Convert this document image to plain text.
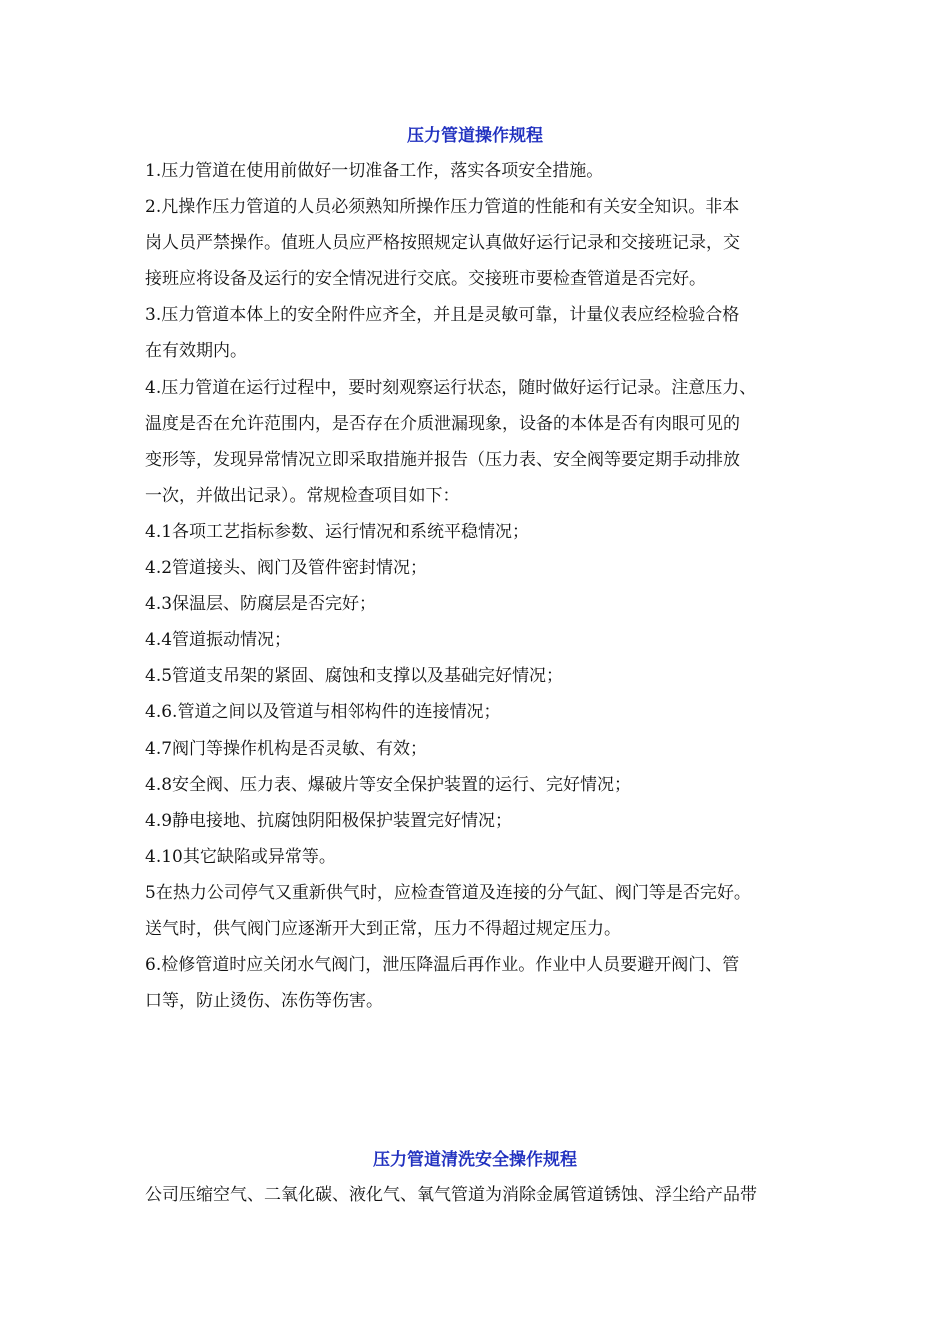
压力管道操作规程
1.压力管道在使用前做好一切准备工作，落实各项安全措施。
2.凡操作压力管道的人员必须熟知所操作压力管道的性能和有关安全知识。非本
岗人员严禁操作。值班人员应严格按照规定认真做好运行记录和交接班记录，交
接班应将设备及运行的安全情况进行交底。交接班市要检查管道是否完好。
3.压力管道本体上的安全附件应齐全，并且是灵敏可靠，计量仪表应经检验合格
在有效期内。
4.压力管道在运行过程中，要时刻观察运行状态，随时做好运行记录。注意压力、
温度是否在允许范围内，是否存在介质泄漏现象，设备的本体是否有肉眼可见的
变形等，发现异常情况立即采取措施并报告（压力表、安全阀等要定期手动排放
一次，并做出记录）。常规检查项目如下：
4.1各项工艺指标参数、运行情况和系统平稳情况；
4.2管道接头、阀门及管件密封情况；
4.3保温层、防腐层是否完好；
4.4管道振动情况；
4.5管道支吊架的紧固、腐蚀和支撑以及基础完好情况；
4.6.管道之间以及管道与相邻构件的连接情况；
4.7阀门等操作机构是否灵敏、有效；
4.8安全阀、压力表、爆破片等安全保护装置的运行、完好情况；
4.9静电接地、抗腐蚀阴阳极保护装置完好情况；
4.10其它缺陷或异常等。
5在热力公司停气又重新供气时，应检查管道及连接的分气缸、阀门等是否完好。
送气时，供气阀门应逐渐开大到正常，压力不得超过规定压力。
6.检修管道时应关闭水气阀门，泄压降温后再作业。作业中人员要避开阀门、管
口等，防止烫伤、冻伤等伤害。
压力管道清洗安全操作规程
公司压缩空气、二氧化碳、液化气、氧气管道为消除金属管道锈蚀、浮尘给产品带
